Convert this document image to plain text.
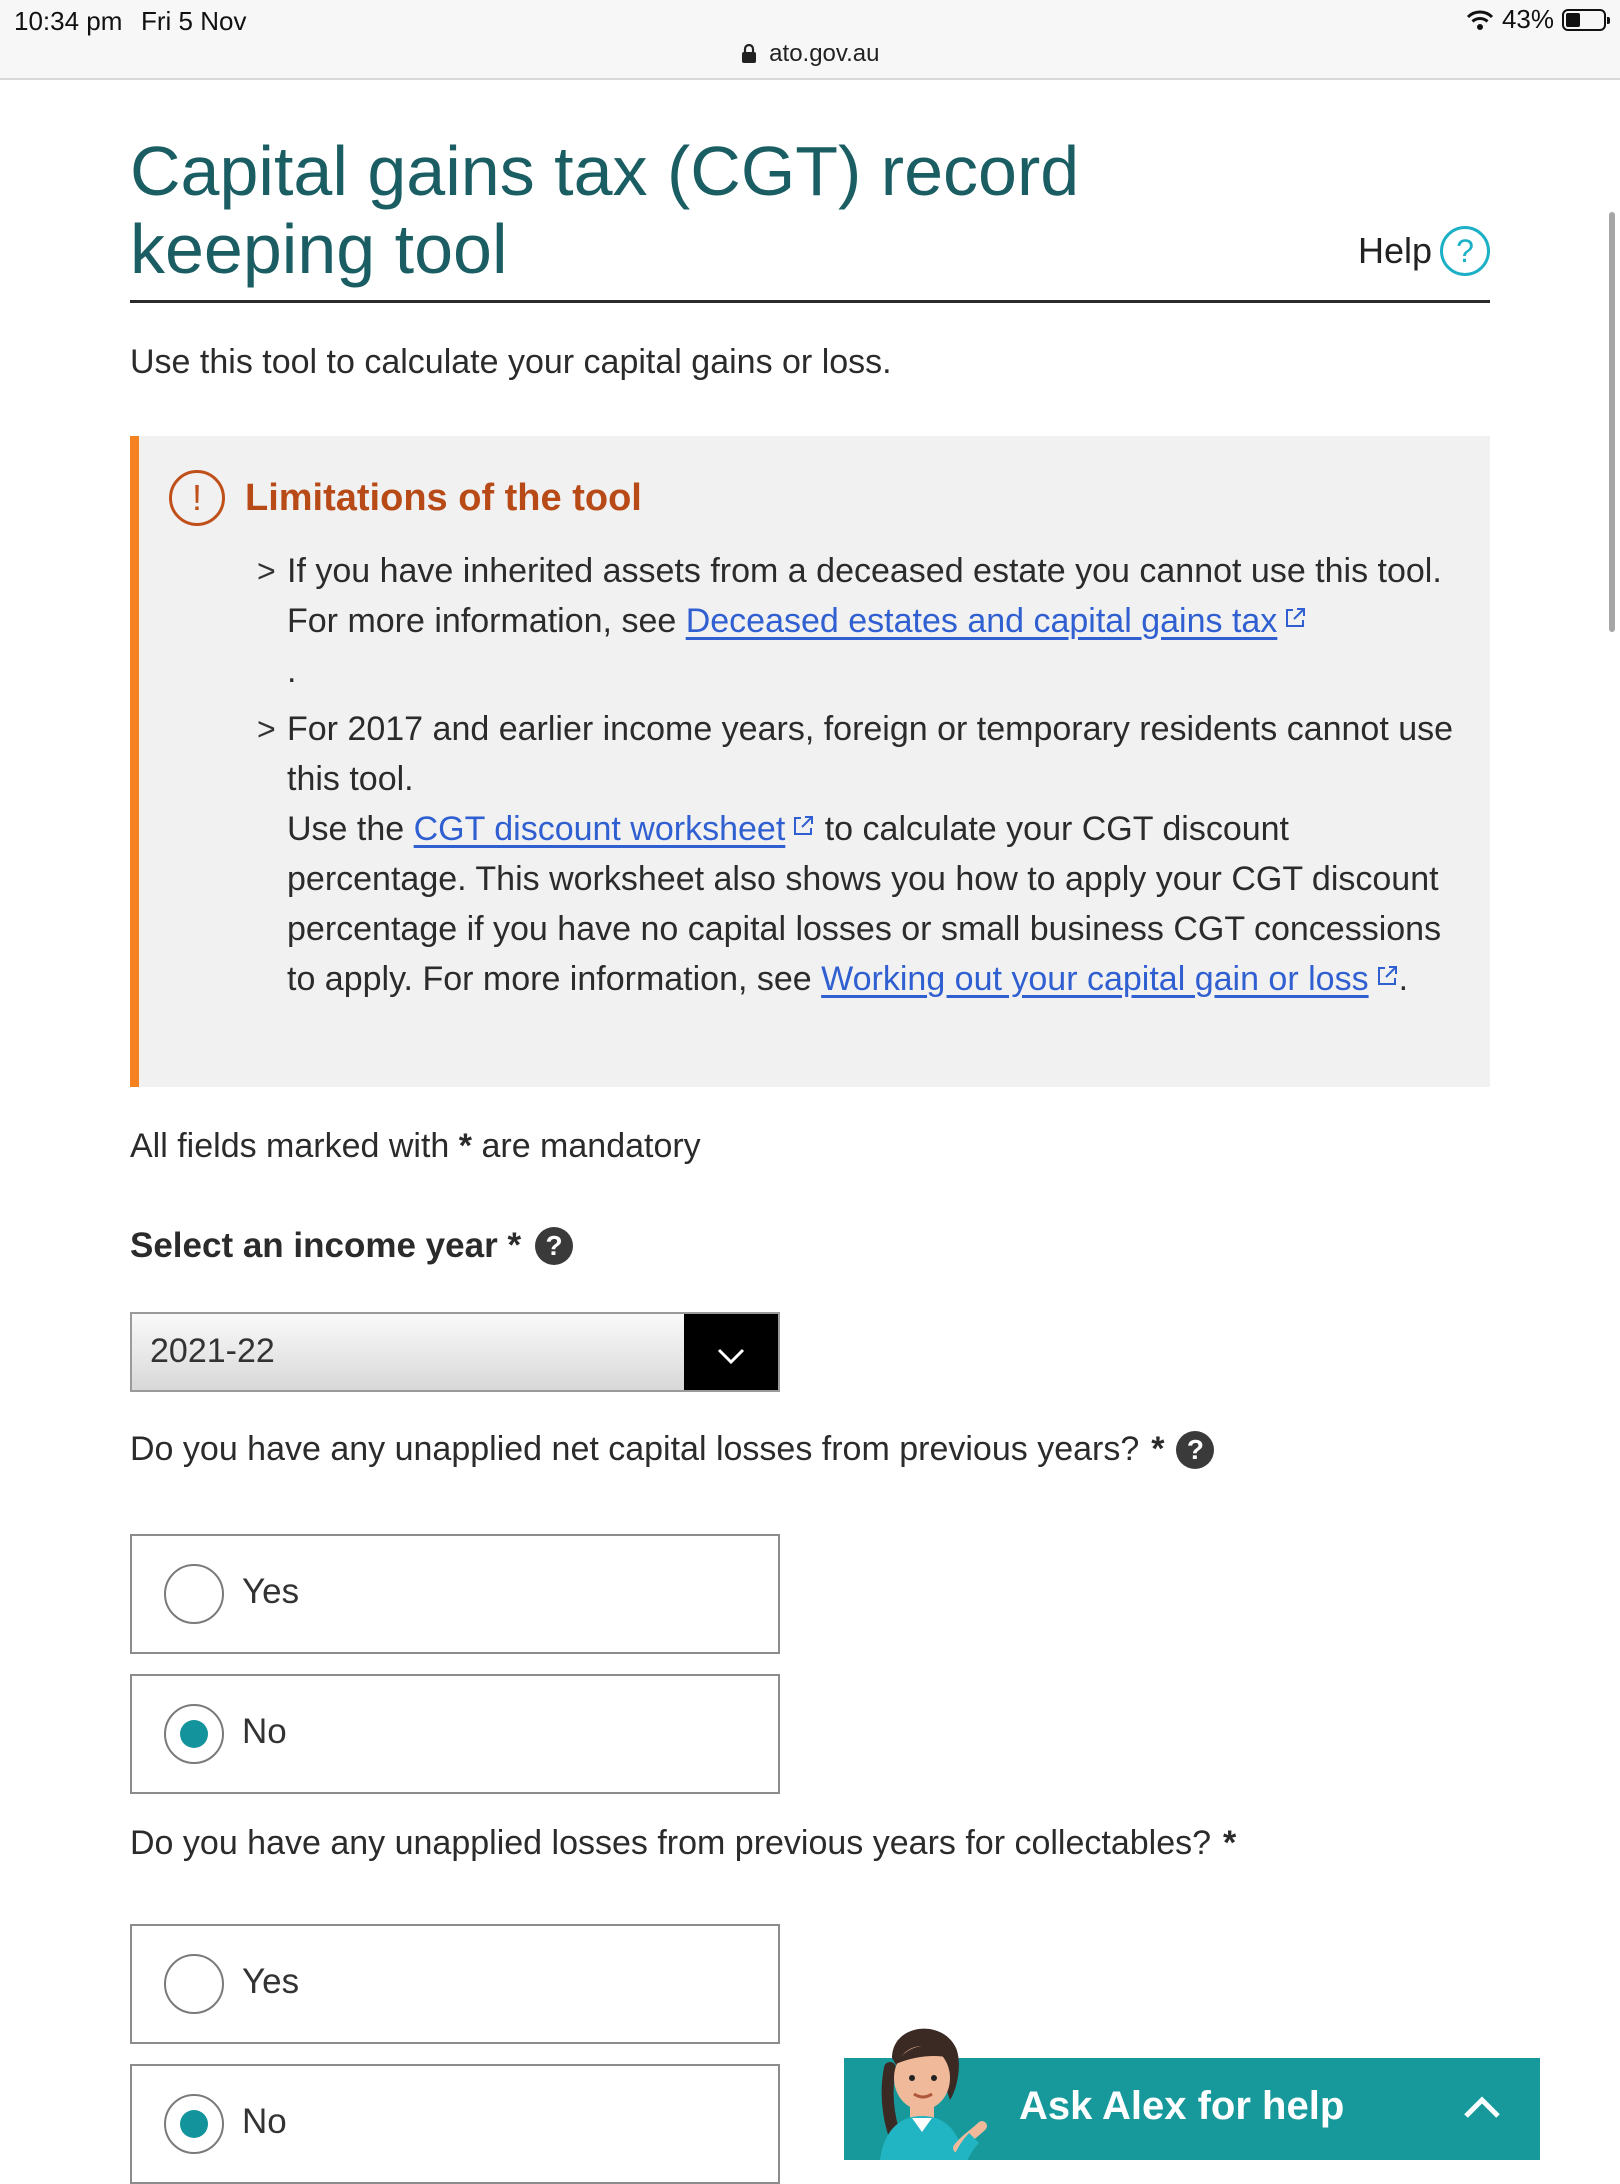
10:34 pm Fri 5 Nov
ato.gov.au
43%
Capital gains tax (CGT) record keeping tool	Help ?
Use this tool to calculate your capital gains or loss.
!	Limitations of the tool
> If you have inherited assets from a deceased estate you cannot use this tool. For more information, see Deceased estates and capital gains tax
.
> For 2017 and earlier income years, foreign or temporary residents cannot use this tool.
Use the CGT discount worksheet to calculate your CGT discount percentage. This worksheet also shows you how to apply your CGT discount percentage if you have no capital losses or small business CGT concessions to apply. For more information, see Working out your capital gain or loss .
All fields marked with * are mandatory
Select an income year * ?
2021-22
Do you have any unapplied net capital losses from previous years? * ?
Yes
No
Do you have any unapplied losses from previous years for collectables? *
Yes
No	Ask Alex for help
